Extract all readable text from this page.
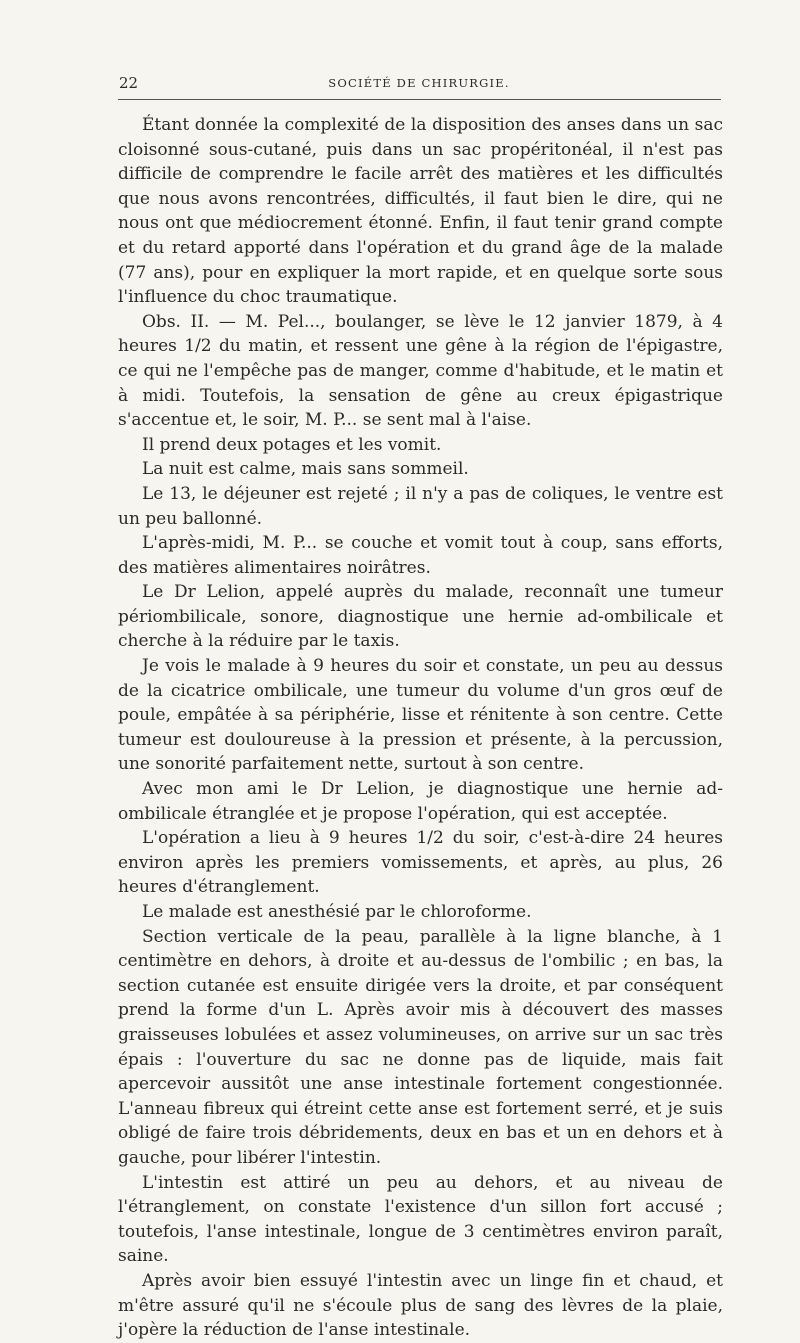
22	SOCIÉTÉ DE CHIRURGIE.

Étant donnée la complexité de la disposition des anses dans un sac cloisonné sous-cutané, puis dans un sac propéritonéal, il n'est pas difficile de comprendre le facile arrêt des matières et les difficultés que nous avons rencontrées, difficultés, il faut bien le dire, qui ne nous ont que médiocrement étonné. Enfin, il faut tenir grand compte et du retard apporté dans l'opération et du grand âge de la malade (77 ans), pour en expliquer la mort rapide, et en quelque sorte sous l'influence du choc traumatique.

Obs. II. — M. Pel..., boulanger, se lève le 12 janvier 1879, à 4 heures 1/2 du matin, et ressent une gêne à la région de l'épigastre, ce qui ne l'empêche pas de manger, comme d'habitude, et le matin et à midi. Toutefois, la sensation de gêne au creux épigastrique s'accentue et, le soir, M. P... se sent mal à l'aise.

Il prend deux potages et les vomit.

La nuit est calme, mais sans sommeil.

Le 13, le déjeuner est rejeté ; il n'y a pas de coliques, le ventre est un peu ballonné.

L'après-midi, M. P... se couche et vomit tout à coup, sans efforts, des matières alimentaires noirâtres.

Le Dr Lelion, appelé auprès du malade, reconnaît une tumeur périombilicale, sonore, diagnostique une hernie ad-ombilicale et cherche à la réduire par le taxis.

Je vois le malade à 9 heures du soir et constate, un peu au dessus de la cicatrice ombilicale, une tumeur du volume d'un gros œuf de poule, empâtée à sa périphérie, lisse et rénitente à son centre. Cette tumeur est douloureuse à la pression et présente, à la percussion, une sonorité parfaitement nette, surtout à son centre.

Avec mon ami le Dr Lelion, je diagnostique une hernie ad-ombilicale étranglée et je propose l'opération, qui est acceptée.

L'opération a lieu à 9 heures 1/2 du soir, c'est-à-dire 24 heures environ après les premiers vomissements, et après, au plus, 26 heures d'étranglement.

Le malade est anesthésié par le chloroforme.

Section verticale de la peau, parallèle à la ligne blanche, à 1 centimètre en dehors, à droite et au-dessus de l'ombilic ; en bas, la section cutanée est ensuite dirigée vers la droite, et par conséquent prend la forme d'un L. Après avoir mis à découvert des masses graisseuses lobulées et assez volumineuses, on arrive sur un sac très épais : l'ouverture du sac ne donne pas de liquide, mais fait apercevoir aussitôt une anse intestinale fortement congestionnée. L'anneau fibreux qui étreint cette anse est fortement serré, et je suis obligé de faire trois débridements, deux en bas et un en dehors et à gauche, pour libérer l'intestin.

L'intestin est attiré un peu au dehors, et au niveau de l'étranglement, on constate l'existence d'un sillon fort accusé ; toutefois, l'anse intestinale, longue de 3 centimètres environ paraît, saine.

Après avoir bien essuyé l'intestin avec un linge fin et chaud, et m'être assuré qu'il ne s'écoule plus de sang des lèvres de la plaie, j'opère la réduction de l'anse intestinale.
